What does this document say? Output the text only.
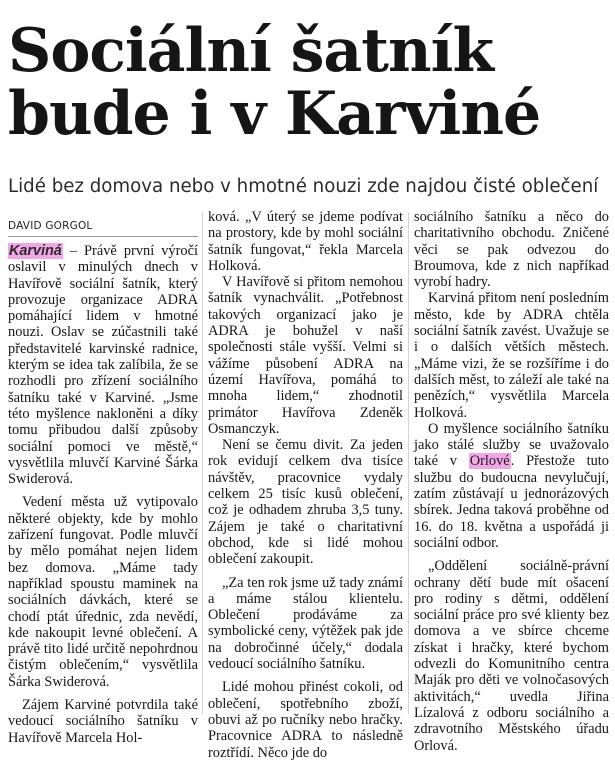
Sociální šatník
bude i v Karviné

Lidé bez domova nebo v hmotné nouzi zde najdou čisté oblečení

DAVID GORGOL

Karviná – Právě první výročí oslavil v minulých dnech v Havířově sociální šatník, který provozuje organizace ADRA pomáhající lidem v hmotné nouzi. Oslav se zúčastnili také představitelé karvinské radnice, kterým se idea tak zalíbila, že se rozhodli pro zřízení sociálního šatníku také v Karviné. „Jsme této myšlence nakloněni a díky tomu přibudou další způsoby sociální pomoci ve městě,“ vysvětlila mluvčí Karviné Šárka Swiderová.

Vedení města už vytipovalo některé objekty, kde by mohlo zařízení fungovat. Podle mluvčí by mělo pomáhat nejen lidem bez domova. „Máme tady například spoustu maminek na sociálních dávkách, které se chodí ptát úřednic, zda nevědí, kde nakoupit levné oblečení. A právě tito lidé určitě nepohrdnou čistým oblečením,“ vysvětlila Šárka Swiderová.

Zájem Karviné potvrdila také vedoucí sociálního šatníku v Havířově Marcela Hol-

ková. „V úterý se jdeme podívat na prostory, kde by mohl sociální šatník fungovat,“ řekla Marcela Holková.

V Havířově si přitom nemohou šatník vynachválit. „Potřebnost takových organizací jako je ADRA je bohužel v naší společnosti stále vyšší. Velmi si vážíme působení ADRA na území Havířova, pomáhá to mnoha lidem,“ zhodnotil primátor Havířova Zdeněk Osmanczyk.

Není se čemu divit. Za jeden rok evidují celkem dva tisíce návštěv, pracovnice vydaly celkem 25 tisíc kusů oblečení, což je odhadem zhruba 3,5 tuny. Zájem je také o charitativní obchod, kde si lidé mohou oblečení zakoupit.

„Za ten rok jsme už tady známí a máme stálou klientelu. Oblečení prodáváme za symbolické ceny, výtěžek pak jde na dobročinné účely,“ dodala vedoucí sociálního šatníku.

Lidé mohou přinést cokoli, od oblečení, spotřebního zboží, obuvi až po ručníky nebo hračky. Pracovnice ADRA to následně roztřídí. Něco jde do

sociálního šatníku a něco do charitativního obchodu. Zničené věci se pak odvezou do Broumova, kde z nich napříkad vyrobí hadry.

Karviná přitom není posledním město, kde by ADRA chtěla sociální šatník zavést. Uvažuje se i o dalších větších městech. „Máme vizi, že se rozšíříme i do dalších měst, to záleží ale také na penězích,“ vysvětlila Marcela Holková.

O myšlence sociálního šatníku jako stálé služby se uvažovalo také v Orlové. Přestože tuto službu do budoucna nevylučují, zatím zůstávají u jednorázových sbírek. Jedna taková proběhne od 16. do 18. května a uspořádá ji sociální odbor.

„Oddělení sociálně-právní ochrany dětí bude mít ošacení pro rodiny s dětmi, oddělení sociální práce pro své klienty bez domova a ve sbírce chceme získat i hračky, které bychom odvezli do Komunitního centra Maják pro děti ve volnočasových aktivitách,“ uvedla Jiřina Lízalová z odboru sociálního a zdravotního Městského úřadu Orlová.
